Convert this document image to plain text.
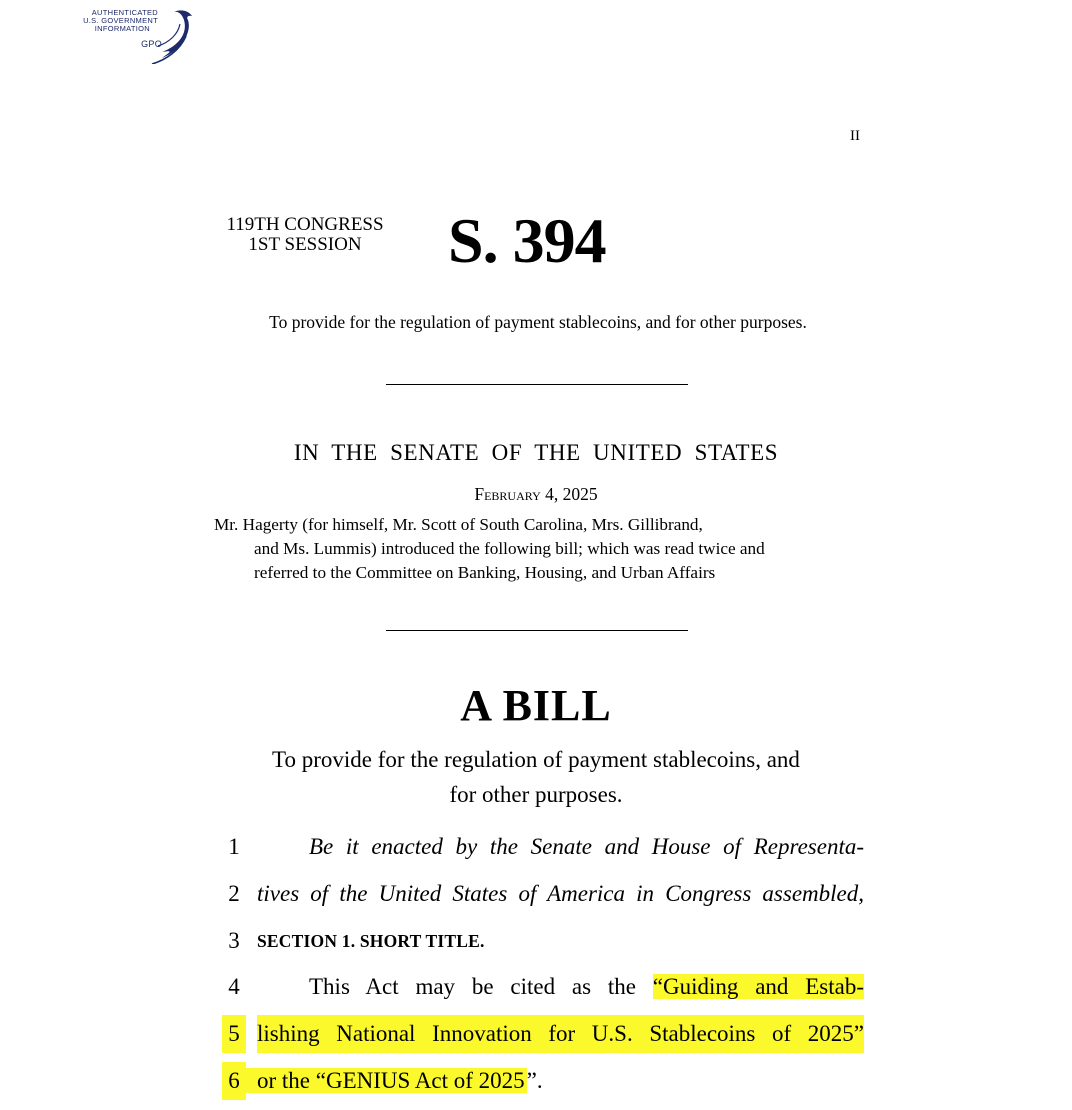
AUTHENTICATED
U.S. GOVERNMENT
INFORMATION
GPO
II
119TH CONGRESS
1ST SESSION	S. 394
To provide for the regulation of payment stablecoins, and for other purposes.
IN THE SENATE OF THE UNITED STATES
February 4, 2025
Mr. Hagerty (for himself, Mr. Scott of South Carolina, Mrs. Gillibrand,
and Ms. Lummis) introduced the following bill; which was read twice and
referred to the Committee on Banking, Housing, and Urban Affairs
A BILL
To provide for the regulation of payment stablecoins, and
for other purposes.
1	Be it enacted by the Senate and House of Representa-
2 tives of the United States of America in Congress assembled,
3 SECTION 1. SHORT TITLE.
4	This Act may be cited as the “Guiding and Estab-
5 lishing National Innovation for U.S. Stablecoins of 2025”
6 or the “GENIUS Act of 2025”.
